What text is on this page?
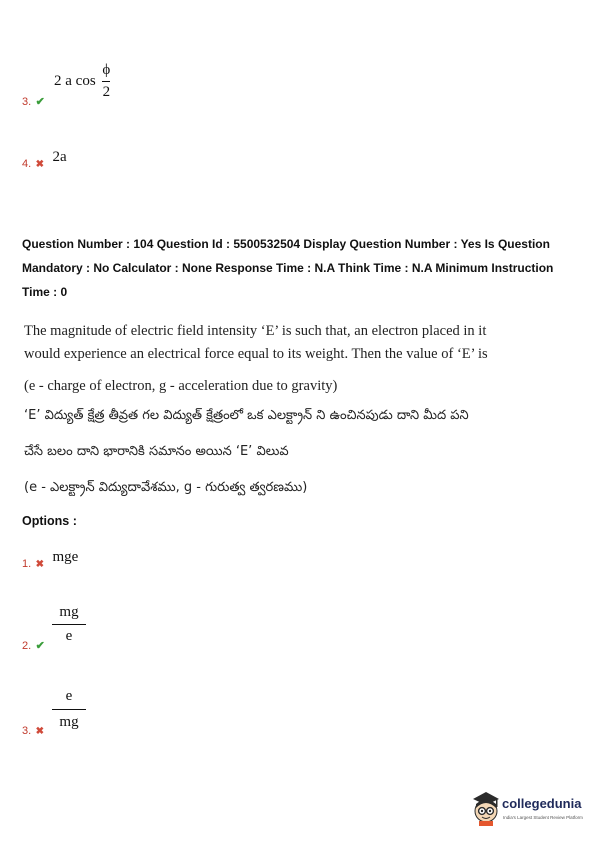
2 a $\cos \frac{\phi}{2}$
3. ✔
$_{4.}$ $_✖$ 2a
Question Number : 104 Question Id : 5500532504 Display Question Number : Yes Is Question Mandatory : No Calculator : None Response Time : N.A Think Time : N.A Minimum Instruction Time : 0
The magnitude of electric field intensity ‘E’ is such that, an electron placed in it
would experience an electrical force equal to its weight. Then the value of ‘E’ is
(e - charge of electron, g - acceleration due to gravity)
‘E’ విద్యుత్ క్షేత్ర తీవ్రత గల విద్యుత్ క్షేత్రంలో ఒక ఎలక్ట్రాన్ ని ఉంచినపుడు దాని మీద పని
చేసే బలం దాని భారానికి సమానం అయిన ‘E’ విలువ
(e - ఎలక్ట్రాన్ విద్యుదావేశము, g - గురుత్వ త్వరణము)
Options :
$_{1.}$ $_✖$ mge
mg
e
2. ✔
e
mg
3. ✖
collegedunia
India's Largest Student Review Platform
